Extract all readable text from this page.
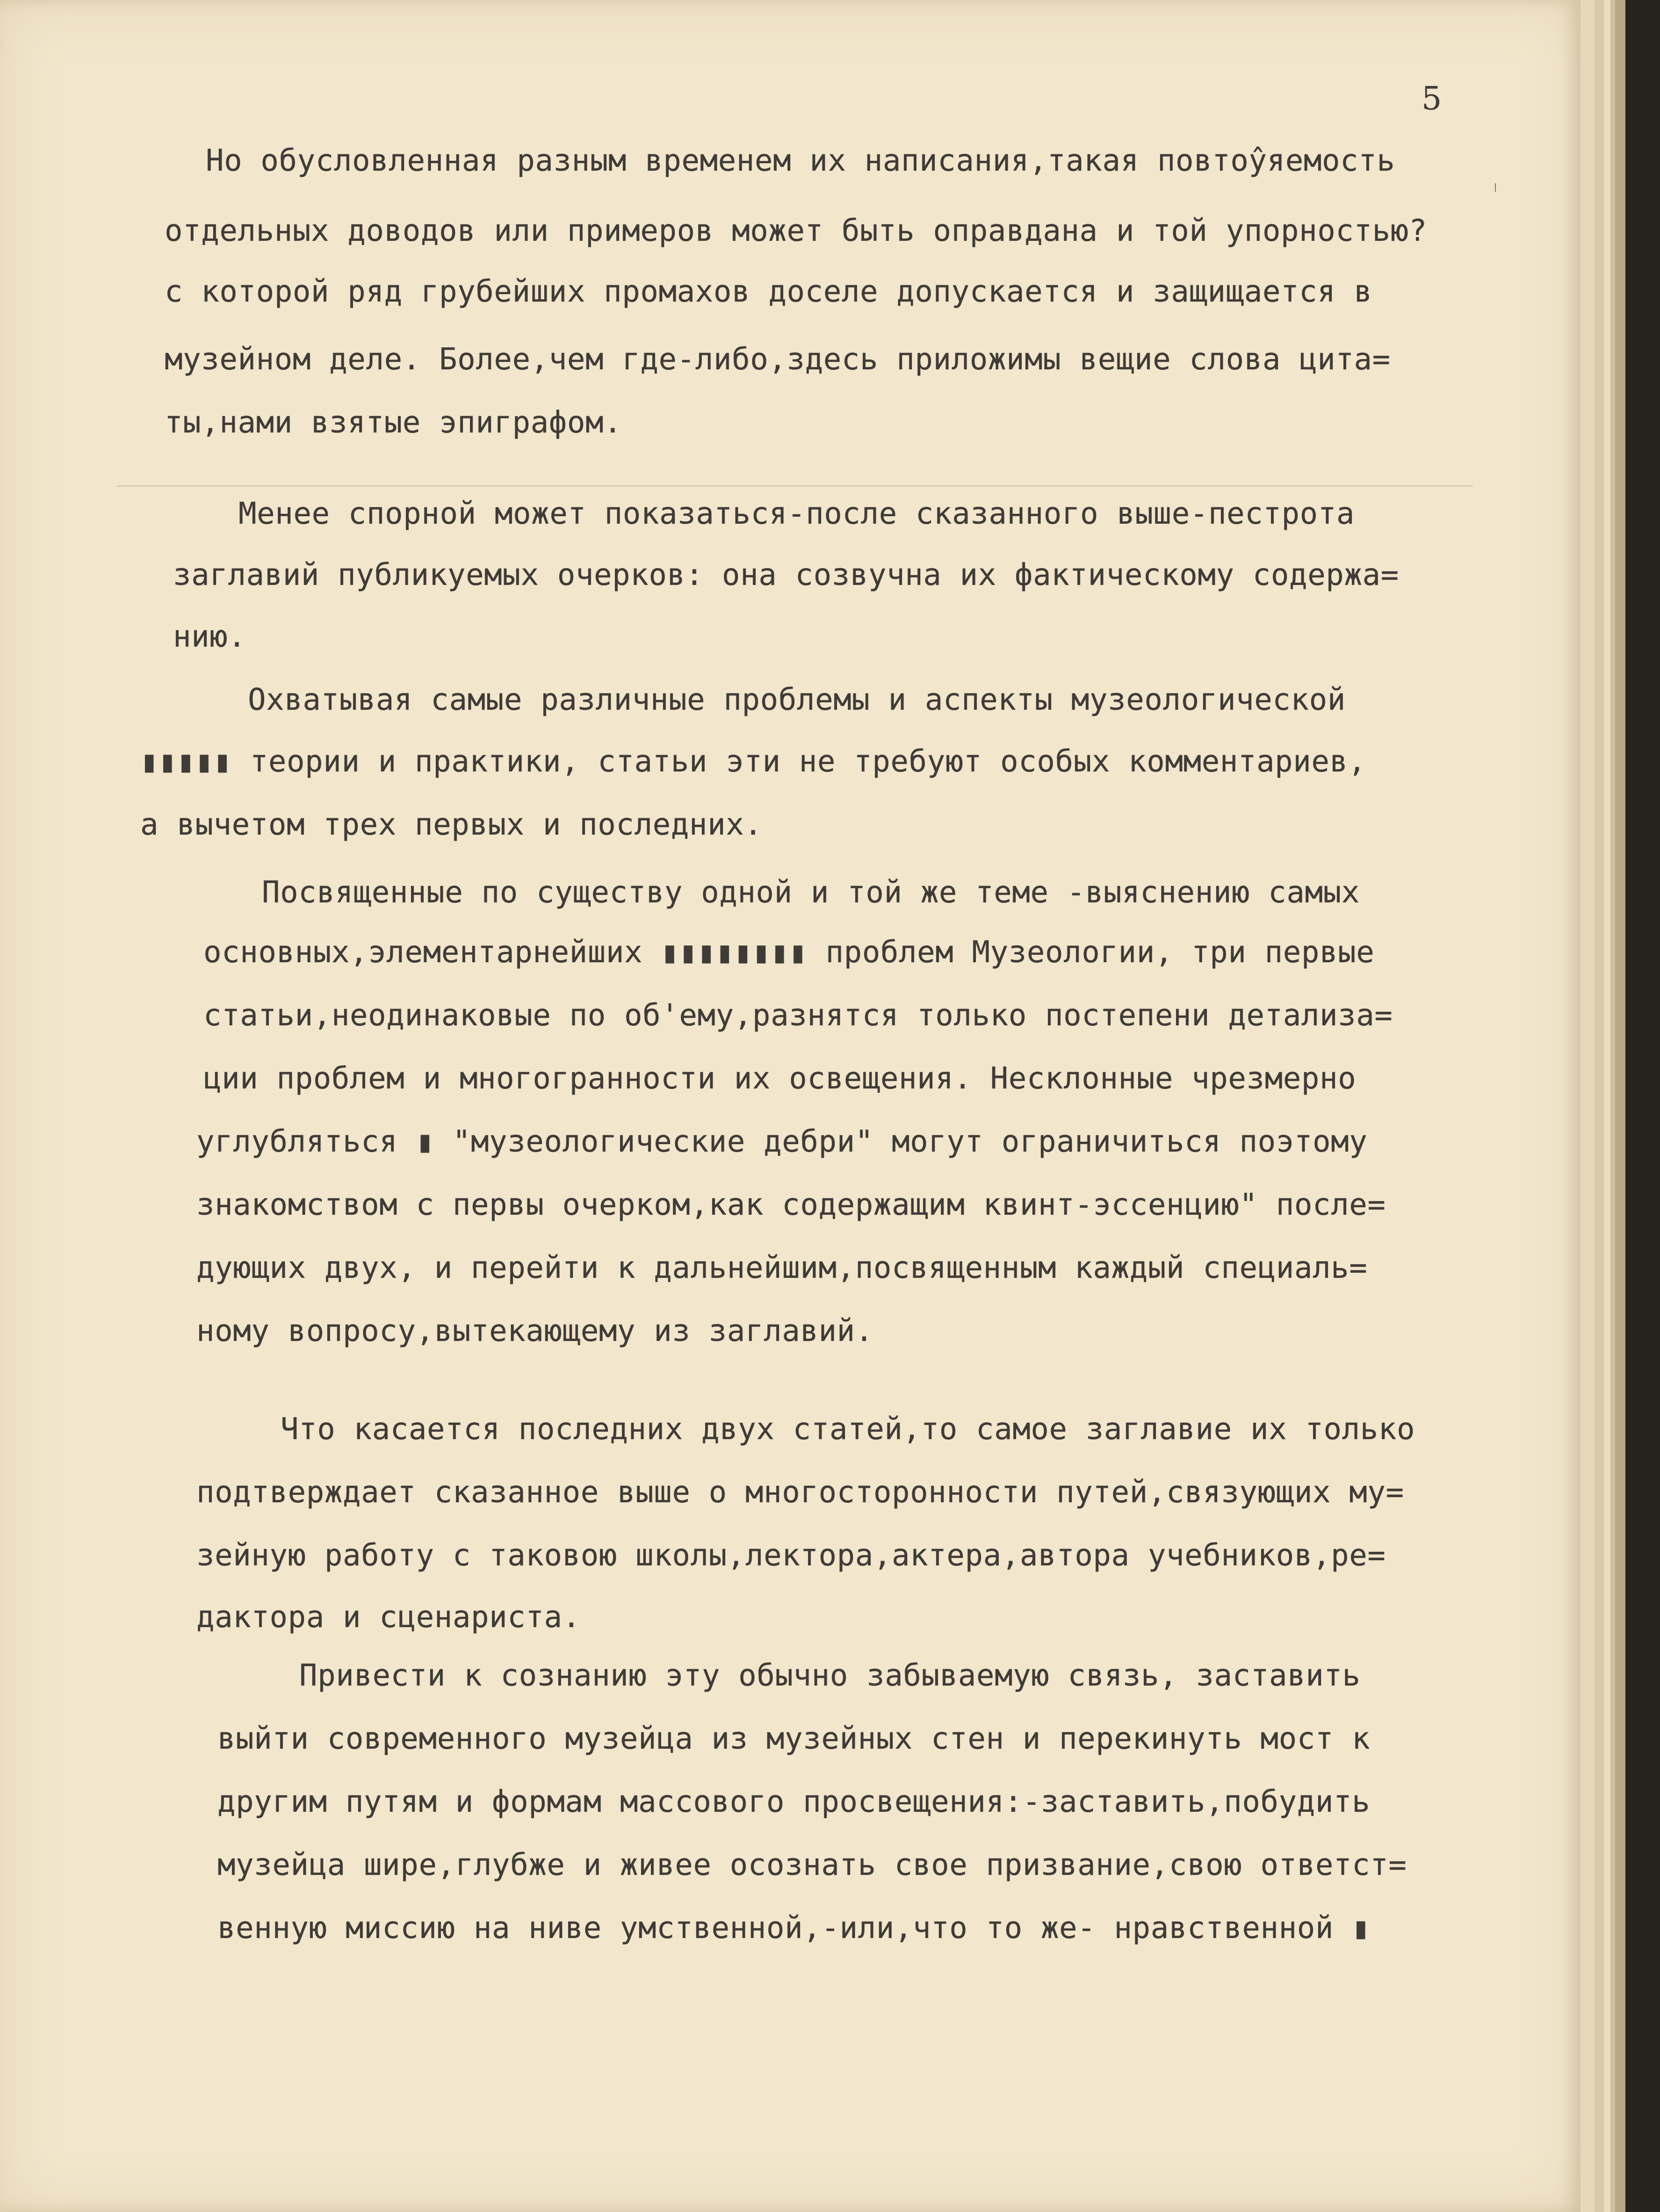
5

Но обусловленная разным временем их написания,такая повтоŷяемость

отдельных доводов или примеров может быть оправдана и той упорностью?

с которой ряд грубейших промахов доселе допускается и защищается в

музейном деле. Более,чем где-либо,здесь приложимы вещие слова цита=

ты,нами взятые эпиграфом.

Менее спорной может показаться-после сказанного выше-пестрота

заглавий публикуемых очерков: она созвучна их фактическому содержа=

нию.

Охватывая самые различные проблемы и аспекты музеологической

▮▮▮▮▮ теории и практики, статьи эти не требуют особых комментариев,

а вычетом трех первых и последних.

Посвященные по существу одной и той же теме -выяснению самых

основных,элементарнейших ▮▮▮▮▮▮▮▮ проблем Музеологии, три первые

статьи,неодинаковые по об'ему,разнятся только постепени детализа=

ции проблем и многогранности их освещения. Несклонные чрезмерно

углубляться ▮ "музеологические дебри" могут ограничиться поэтому

знакомством с первы очерком,как содержащим квинт-эссенцию" после=

дующих двух, и перейти к дальнейшим,посвященным каждый специаль=

ному вопросу,вытекающему из заглавий.

Что касается последних двух статей,то самое заглавие их только

подтверждает сказанное выше о многосторонности путей,связующих му=

зейную работу с таковою школы,лектора,актера,автора учебников,ре=

дактора и сценариста.

Привести к сознанию эту обычно забываемую связь, заставить

выйти современного музейца из музейных стен и перекинуть мост к

другим путям и формам массового просвещения:-заставить,побудить

музейца шире,глубже и живее осознать свое призвание,свою ответст=

венную миссию на ниве умственной,-или,что то же- нравственной ▮

ᛧ
